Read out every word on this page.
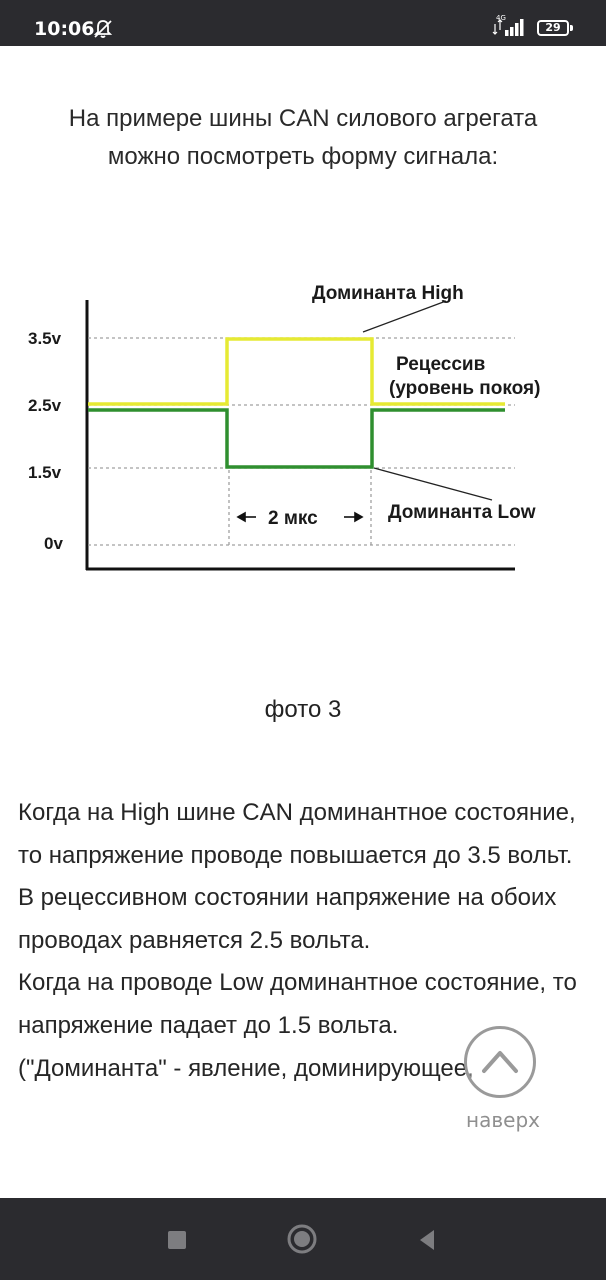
10:06	4G
29
На примере шины CAN силового агрегата
можно посмотреть форму сигнала:
3.5v
2.5v
1.5v
0v
Доминанта High
Рецессив
(уровень покоя)
2 мкс	Доминанта Low
фото 3

Когда на High шине CAN доминантное состояние, то напряжение проводе повышается до 3.5 вольт.

В рецессивном состоянии напряжение на обоих проводах равняется 2.5 вольта.

Когда на проводе Low доминантное состояние, то напряжение падает до 1.5 вольта.

("Доминанта" - явление, доминирующее,

наверх
